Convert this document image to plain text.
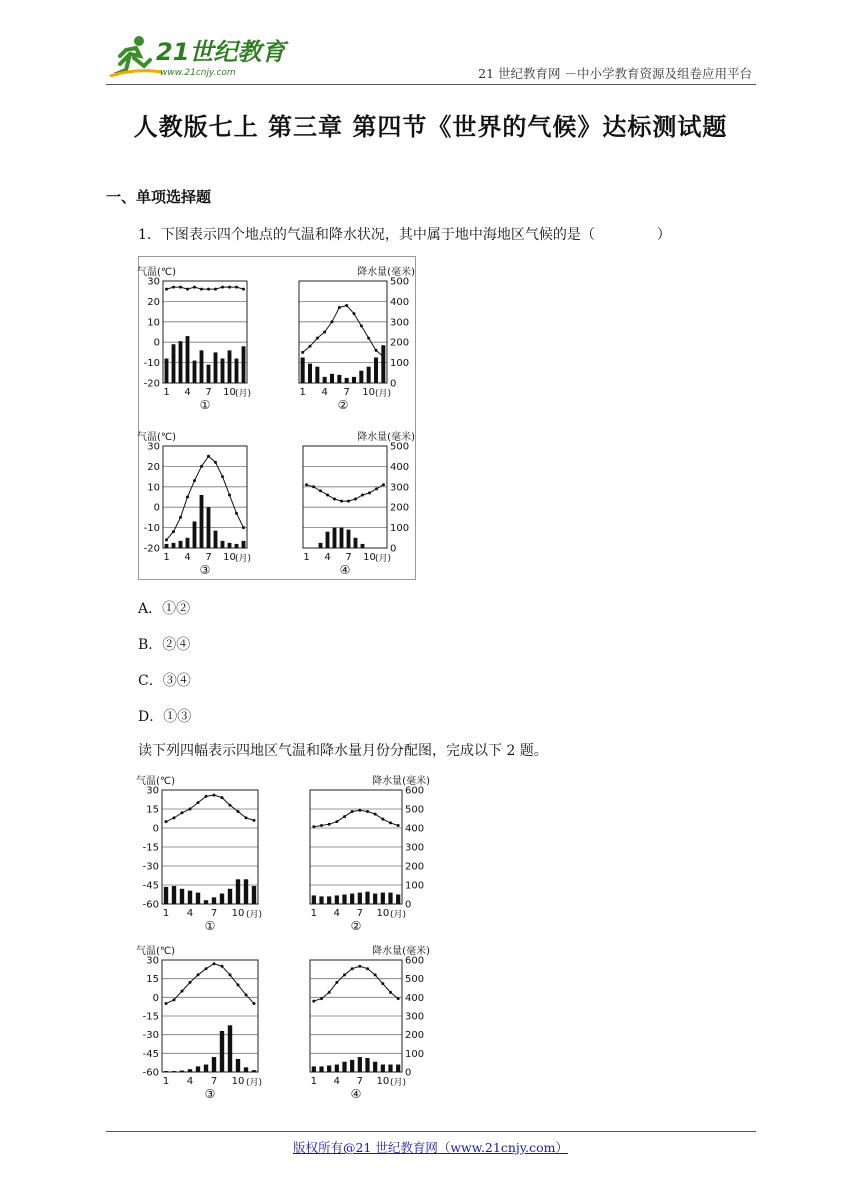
21世纪教育
www.21cnjy.com	21 世纪教育网 －中小学教育资源及组卷应用平台
人教版七上 第三章 第四节《世界的气候》达标测试题
一、单项选择题
1．下图表示四个地点的气温和降水状况，其中属于地中海地区气候的是（	）
30
20
10
0
-10
-20
气温(℃)
1 4 7 10 (月)
①
500
400
300
200
100
0
降水量(毫米)
1 4 7 10 (月)
②
30
20
10
0
-10
-20
气温(℃)
1 4 7 10 (月)
③
500
400
300
200
100
0
降水量(毫米)
1 4 7 10 (月)
④
A．①②
B．②④
C．③④
D．①③
读下列四幅表示四地区气温和降水量月份分配图，完成以下 2 题。
30
15
0
-15
-30
-45
-60
气温(℃)
1 4 7 10 (月)
①
600
500
400
300
200
100
0
降水量(毫米)
1 4 7 10 (月)
②
30
15
0
-15
-30
-45
-60
气温(℃)
1 4 7 10 (月)
③
600
500
400
300
200
100
0
降水量(毫米)
1 4 7 10 (月)
④
版权所有@21 世纪教育网（www.21cnjy.com）
